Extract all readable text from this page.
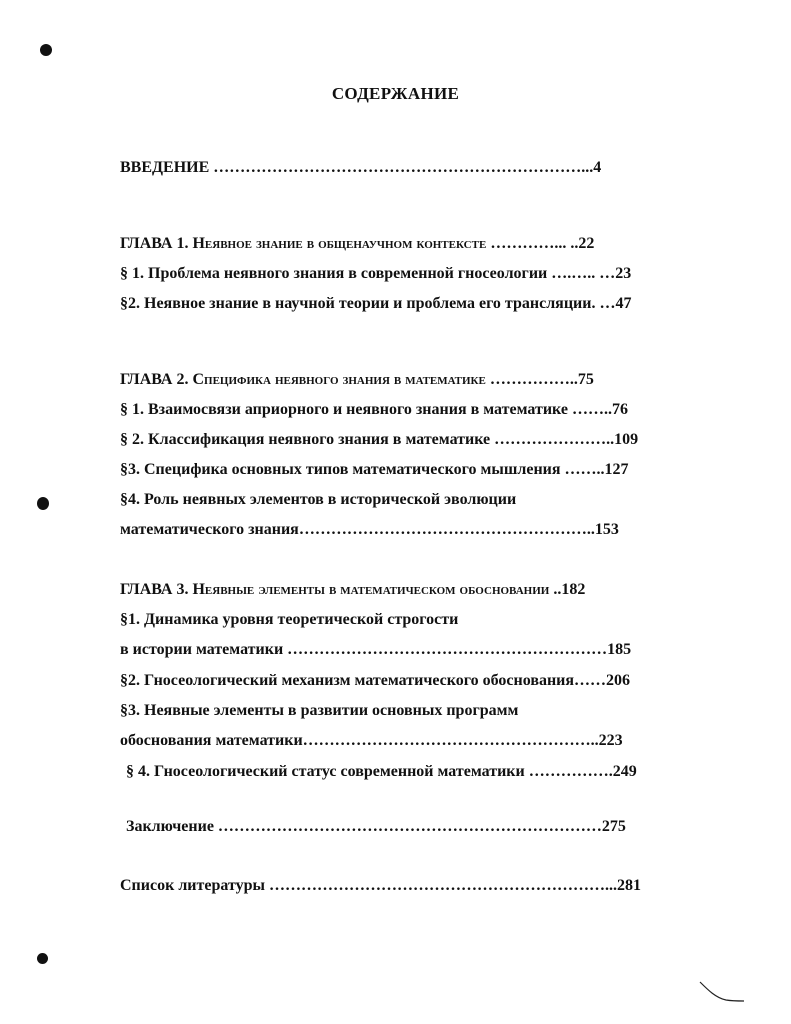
СОДЕРЖАНИЕ
ВВЕДЕНИЕ ……………………………………………………………...4
ГЛАВА 1. Неявное знание в общенаучном контексте …………... ..22
§ 1. Проблема неявного знания в современной гносеологии ….….. …23
§2. Неявное знание в научной теории и проблема его трансляции. …47
ГЛАВА 2. Специфика неявного знания в математике ……………..75
§ 1. Взаимосвязи априорного и неявного знания в математике ……..76
§ 2. Классификация неявного знания в математике …………………..109
§3. Специфика основных типов математического мышления ……..127
§4. Роль неявных элементов в исторической эволюции
математического знания………………………………………………..153
ГЛАВА 3. Неявные элементы в математическом обосновании ..182
§1. Динамика уровня теоретической строгости
в истории математики ……………………………………………………185
§2. Гносеологический механизм математического обоснования……206
§3. Неявные элементы в развитии основных программ
обоснования математики………………………………………………..223
§ 4. Гносеологический статус современной математики …………….249
Заключение ………………………………………………………………275
Список литературы ………………………………………………………...281
